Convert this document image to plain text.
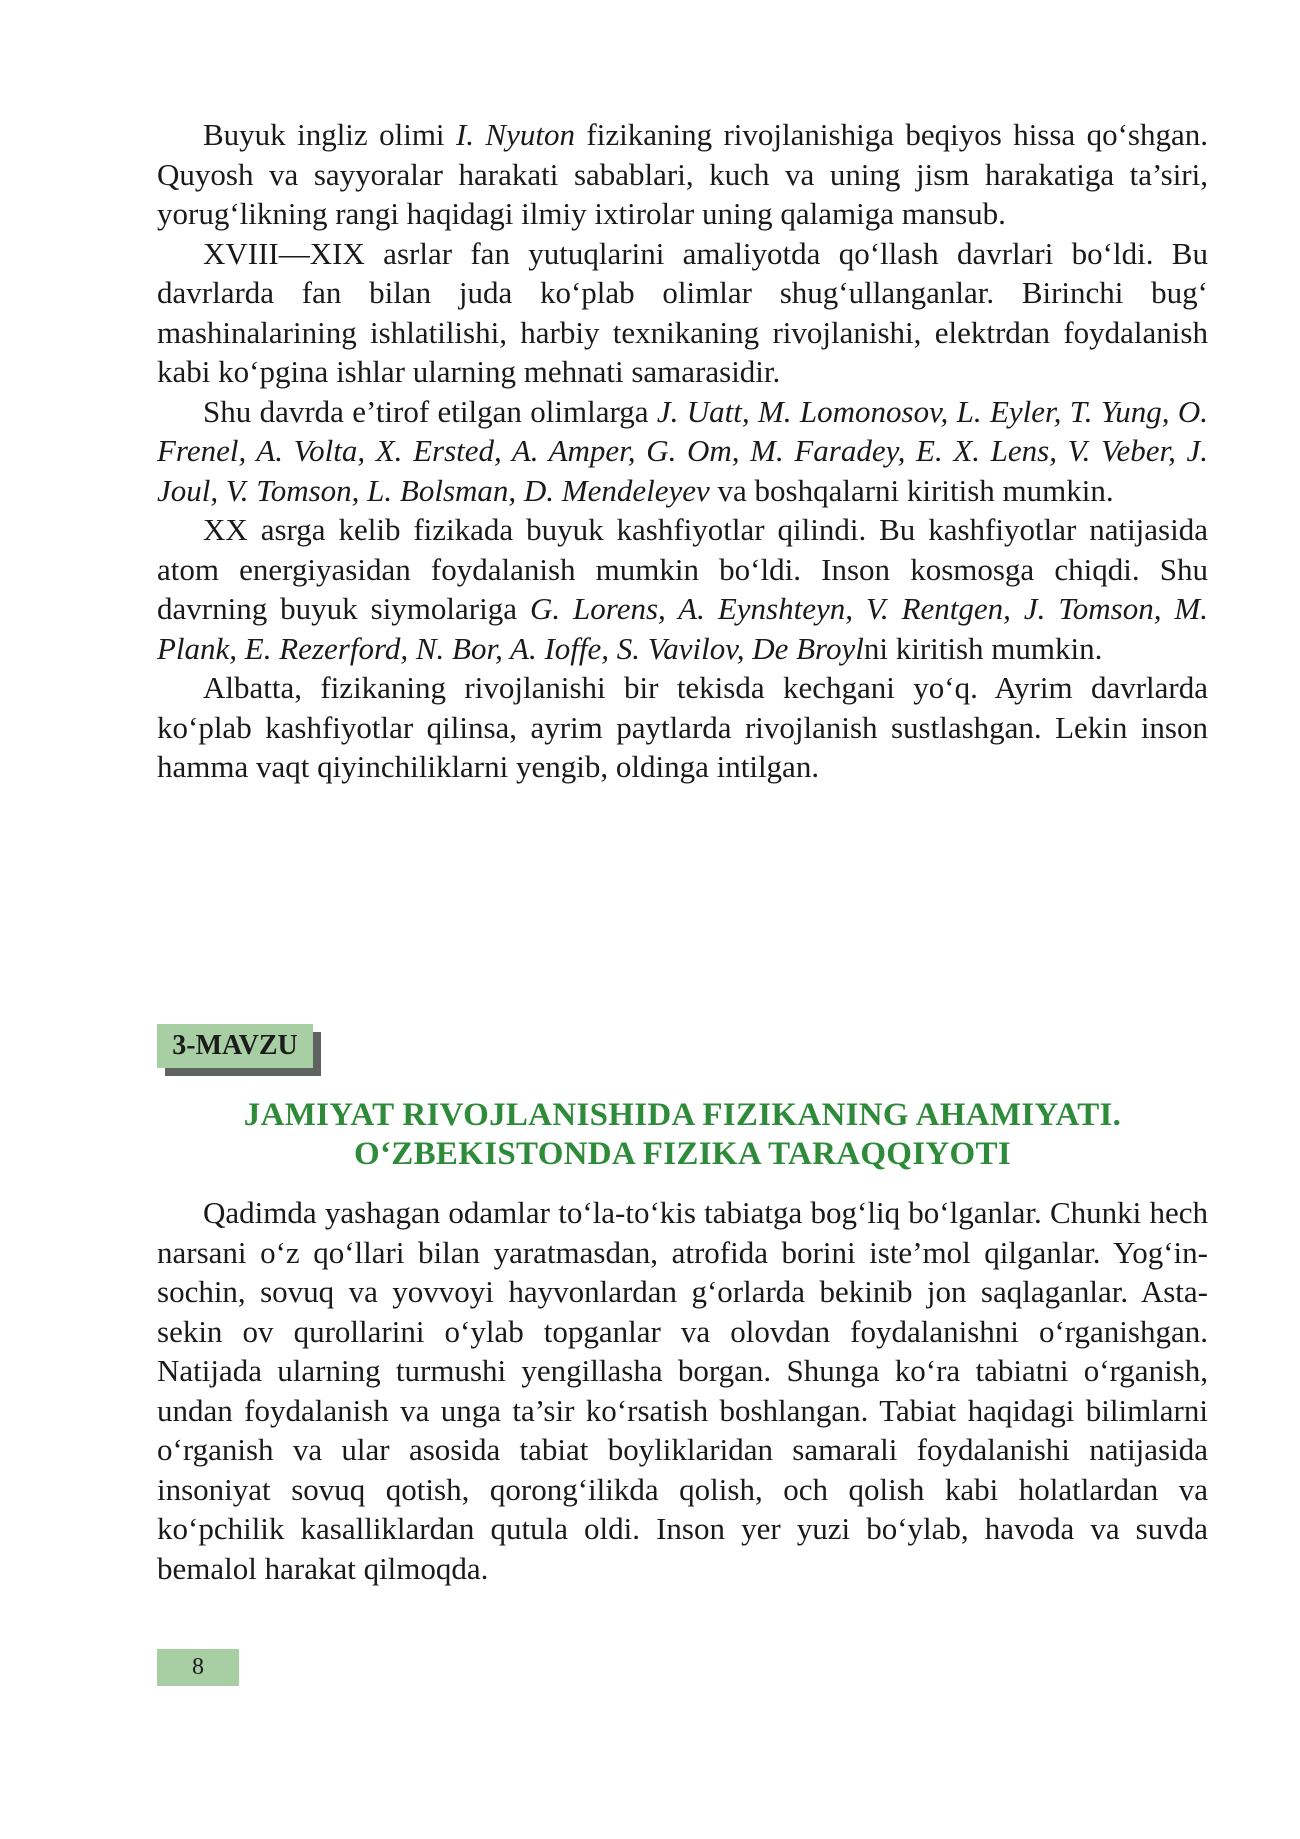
Buyuk ingliz olimi I. Nyuton fizikaning rivojlanishiga beqiyos hissa qo‘shgan. Quyosh va sayyoralar harakati sabablari, kuch va uning jism harakatiga ta’siri, yorug‘likning rangi haqidagi ilmiy ixtirolar uning qalamiga mansub.

XVIII—XIX asrlar fan yutuqlarini amaliyotda qo‘llash davrlari bo‘ldi. Bu davrlarda fan bilan juda ko‘plab olimlar shug‘ullanganlar. Birinchi bug‘ mashinalarining ishlatilishi, harbiy texnikaning rivojlanishi, elektrdan foydalanish kabi ko‘pgina ishlar ularning mehnati samarasidir.

Shu davrda e’tirof etilgan olimlarga J. Uatt, M. Lomonosov, L. Eyler, T. Yung, O. Frenel, A. Volta, X. Ersted, A. Amper, G. Om, M. Faradey, E. X. Lens, V. Veber, J. Joul, V. Tomson, L. Bolsman, D. Mendeleyev va boshqalarni kiritish mumkin.

XX asrga kelib fizikada buyuk kashfiyotlar qilindi. Bu kashfiyotlar natijasida atom energiyasidan foydalanish mumkin bo‘ldi. Inson kosmosga chiqdi. Shu davrning buyuk siymolariga G. Lorens, A. Eynshteyn, V. Rentgen, J. Tomson, M. Plank, E. Rezerford, N. Bor, A. Ioffe, S. Vavilov, De Broylni kiritish mumkin.

Albatta, fizikaning rivojlanishi bir tekisda kechgani yo‘q. Ayrim davrlarda ko‘plab kashfiyotlar qilinsa, ayrim paytlarda rivojlanish sustlashgan. Lekin inson hamma vaqt qiyinchiliklarni yengib, oldinga intilgan.

3-MAVZU
JAMIYAT RIVOJLANISHIDA FIZIKANING AHAMIYATI.
O‘ZBEKISTONDA FIZIKA TARAQQIYOTI

Qadimda yashagan odamlar to‘la-to‘kis tabiatga bog‘liq bo‘lganlar. Chunki hech narsani o‘z qo‘llari bilan yaratmasdan, atrofida borini iste’mol qilganlar. Yog‘in-sochin, sovuq va yovvoyi hayvonlardan g‘orlarda bekinib jon saqlaganlar. Asta-sekin ov qurollarini o‘ylab topganlar va olovdan foydalanishni o‘rganishgan. Natijada ularning turmushi yengillasha borgan. Shunga ko‘ra tabiatni o‘rganish, undan foydalanish va unga ta’sir ko‘rsatish boshlangan. Tabiat haqidagi bilimlarni o‘rganish va ular asosida tabiat boyliklaridan samarali foydalanishi natijasida insoniyat sovuq qotish, qorong‘ilikda qolish, och qolish kabi holatlardan va ko‘pchilik kasalliklardan qutula oldi. Inson yer yuzi bo‘ylab, havoda va suvda bemalol harakat qilmoqda.

8
